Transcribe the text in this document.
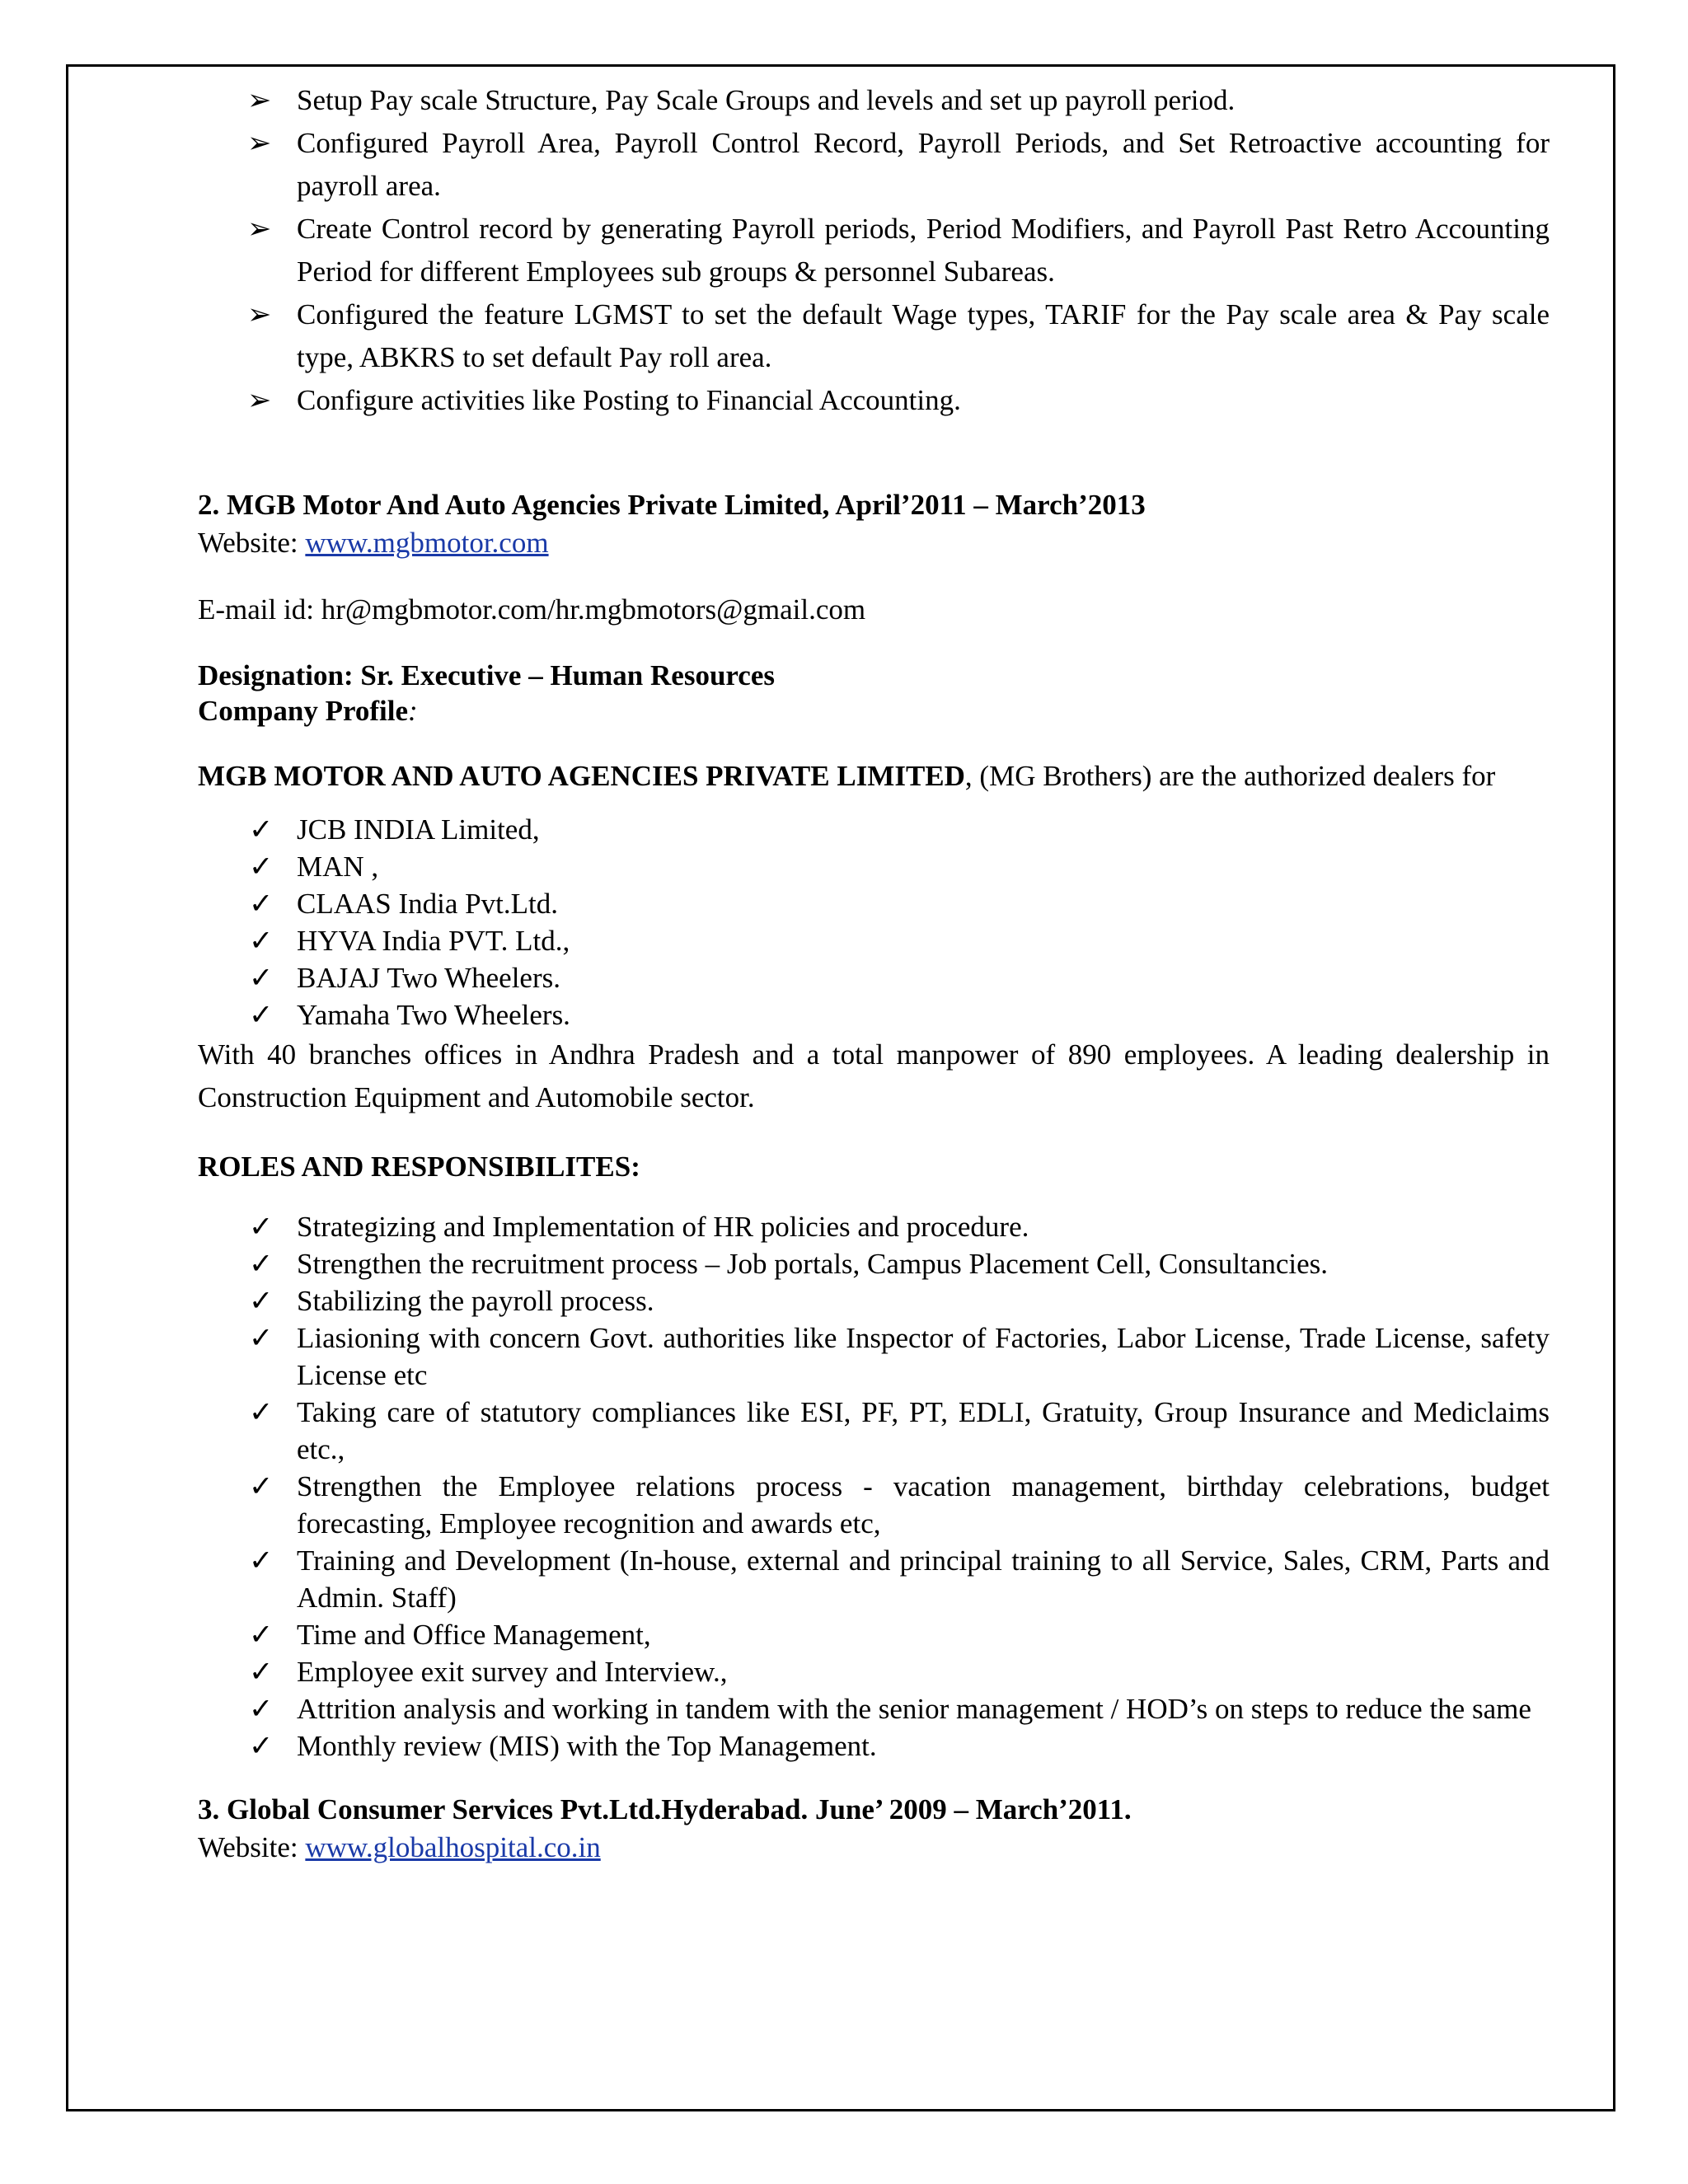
➢ Setup Pay scale Structure, Pay Scale Groups and levels and set up payroll period.
➢ Configured Payroll Area, Payroll Control Record, Payroll Periods, and Set Retroactive accounting for payroll area.
➢ Create Control record by generating Payroll periods, Period Modifiers, and Payroll Past Retro Accounting Period for different Employees sub groups & personnel Subareas.
➢ Configured the feature LGMST to set the default Wage types, TARIF for the Pay scale area & Pay scale type, ABKRS to set default Pay roll area.
➢ Configure activities like Posting to Financial Accounting.

2. MGB Motor And Auto Agencies Private Limited, April’2011 – March’2013

Website: www.mgbmotor.com

E-mail id: hr@mgbmotor.com/hr.mgbmotors@gmail.com

Designation: Sr. Executive – Human Resources

Company Profile:

MGB MOTOR AND AUTO AGENCIES PRIVATE LIMITED, (MG Brothers) are the authorized dealers for

✓ JCB INDIA Limited,
✓ MAN ,
✓ CLAAS India Pvt.Ltd.
✓ HYVA India PVT. Ltd.,
✓ BAJAJ Two Wheelers.
✓ Yamaha Two Wheelers.

With 40 branches offices in Andhra Pradesh and a total manpower of 890 employees. A leading dealership in Construction Equipment and Automobile sector.

ROLES AND RESPONSIBILITES:

✓ Strategizing and Implementation of HR policies and procedure.
✓ Strengthen the recruitment process – Job portals, Campus Placement Cell, Consultancies.
✓ Stabilizing the payroll process.
✓ Liasioning with concern Govt. authorities like Inspector of Factories, Labor License, Trade License, safety License etc
✓ Taking care of statutory compliances like ESI, PF, PT, EDLI, Gratuity, Group Insurance and Mediclaims etc.,
✓ Strengthen the Employee relations process - vacation management, birthday celebrations, budget forecasting, Employee recognition and awards etc,
✓ Training and Development (In-house, external and principal training to all Service, Sales, CRM, Parts and Admin. Staff)
✓ Time and Office Management,
✓ Employee exit survey and Interview.,
✓ Attrition analysis and working in tandem with the senior management / HOD’s on steps to reduce the same
✓ Monthly review (MIS) with the Top Management.

3. Global Consumer Services Pvt.Ltd.Hyderabad. June’ 2009 – March’2011.

Website: www.globalhospital.co.in
